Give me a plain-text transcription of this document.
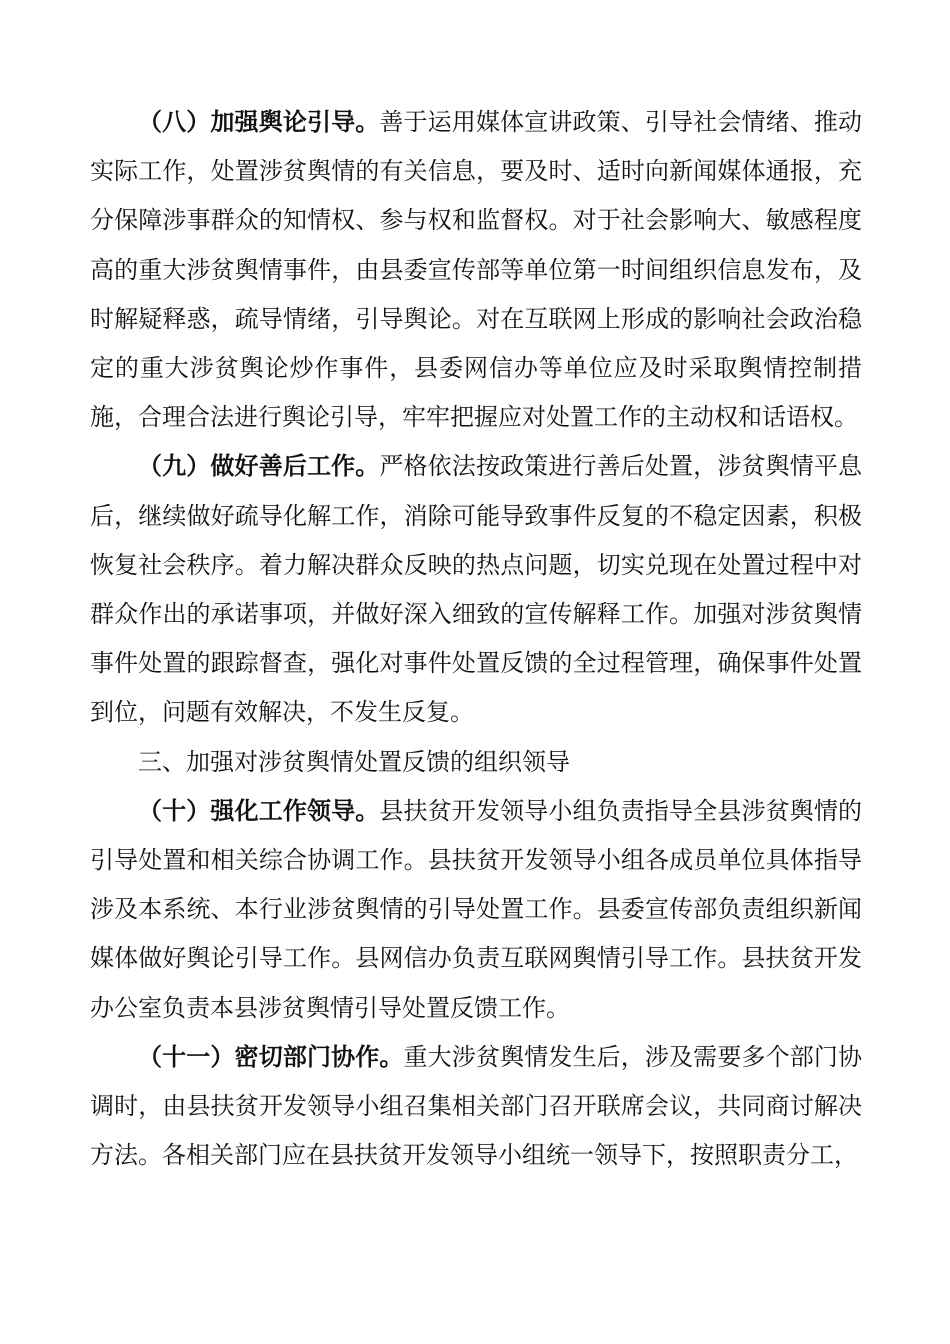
（八）加强舆论引导。善于运用媒体宣讲政策、引导社会情绪、推动实际工作，处置涉贫舆情的有关信息，要及时、适时向新闻媒体通报，充分保障涉事群众的知情权、参与权和监督权。对于社会影响大、敏感程度高的重大涉贫舆情事件，由县委宣传部等单位第一时间组织信息发布，及时解疑释惑，疏导情绪，引导舆论。对在互联网上形成的影响社会政治稳定的重大涉贫舆论炒作事件，县委网信办等单位应及时采取舆情控制措施，合理合法进行舆论引导，牢牢把握应对处置工作的主动权和话语权。

（九）做好善后工作。严格依法按政策进行善后处置，涉贫舆情平息后，继续做好疏导化解工作，消除可能导致事件反复的不稳定因素，积极恢复社会秩序。着力解决群众反映的热点问题，切实兑现在处置过程中对群众作出的承诺事项，并做好深入细致的宣传解释工作。加强对涉贫舆情事件处置的跟踪督查，强化对事件处置反馈的全过程管理，确保事件处置到位，问题有效解决，不发生反复。

三、加强对涉贫舆情处置反馈的组织领导

（十）强化工作领导。县扶贫开发领导小组负责指导全县涉贫舆情的引导处置和相关综合协调工作。县扶贫开发领导小组各成员单位具体指导涉及本系统、本行业涉贫舆情的引导处置工作。县委宣传部负责组织新闻媒体做好舆论引导工作。县网信办负责互联网舆情引导工作。县扶贫开发办公室负责本县涉贫舆情引导处置反馈工作。

（十一）密切部门协作。重大涉贫舆情发生后，涉及需要多个部门协调时，由县扶贫开发领导小组召集相关部门召开联席会议，共同商讨解决方法。各相关部门应在县扶贫开发领导小组统一领导下，按照职责分工，
